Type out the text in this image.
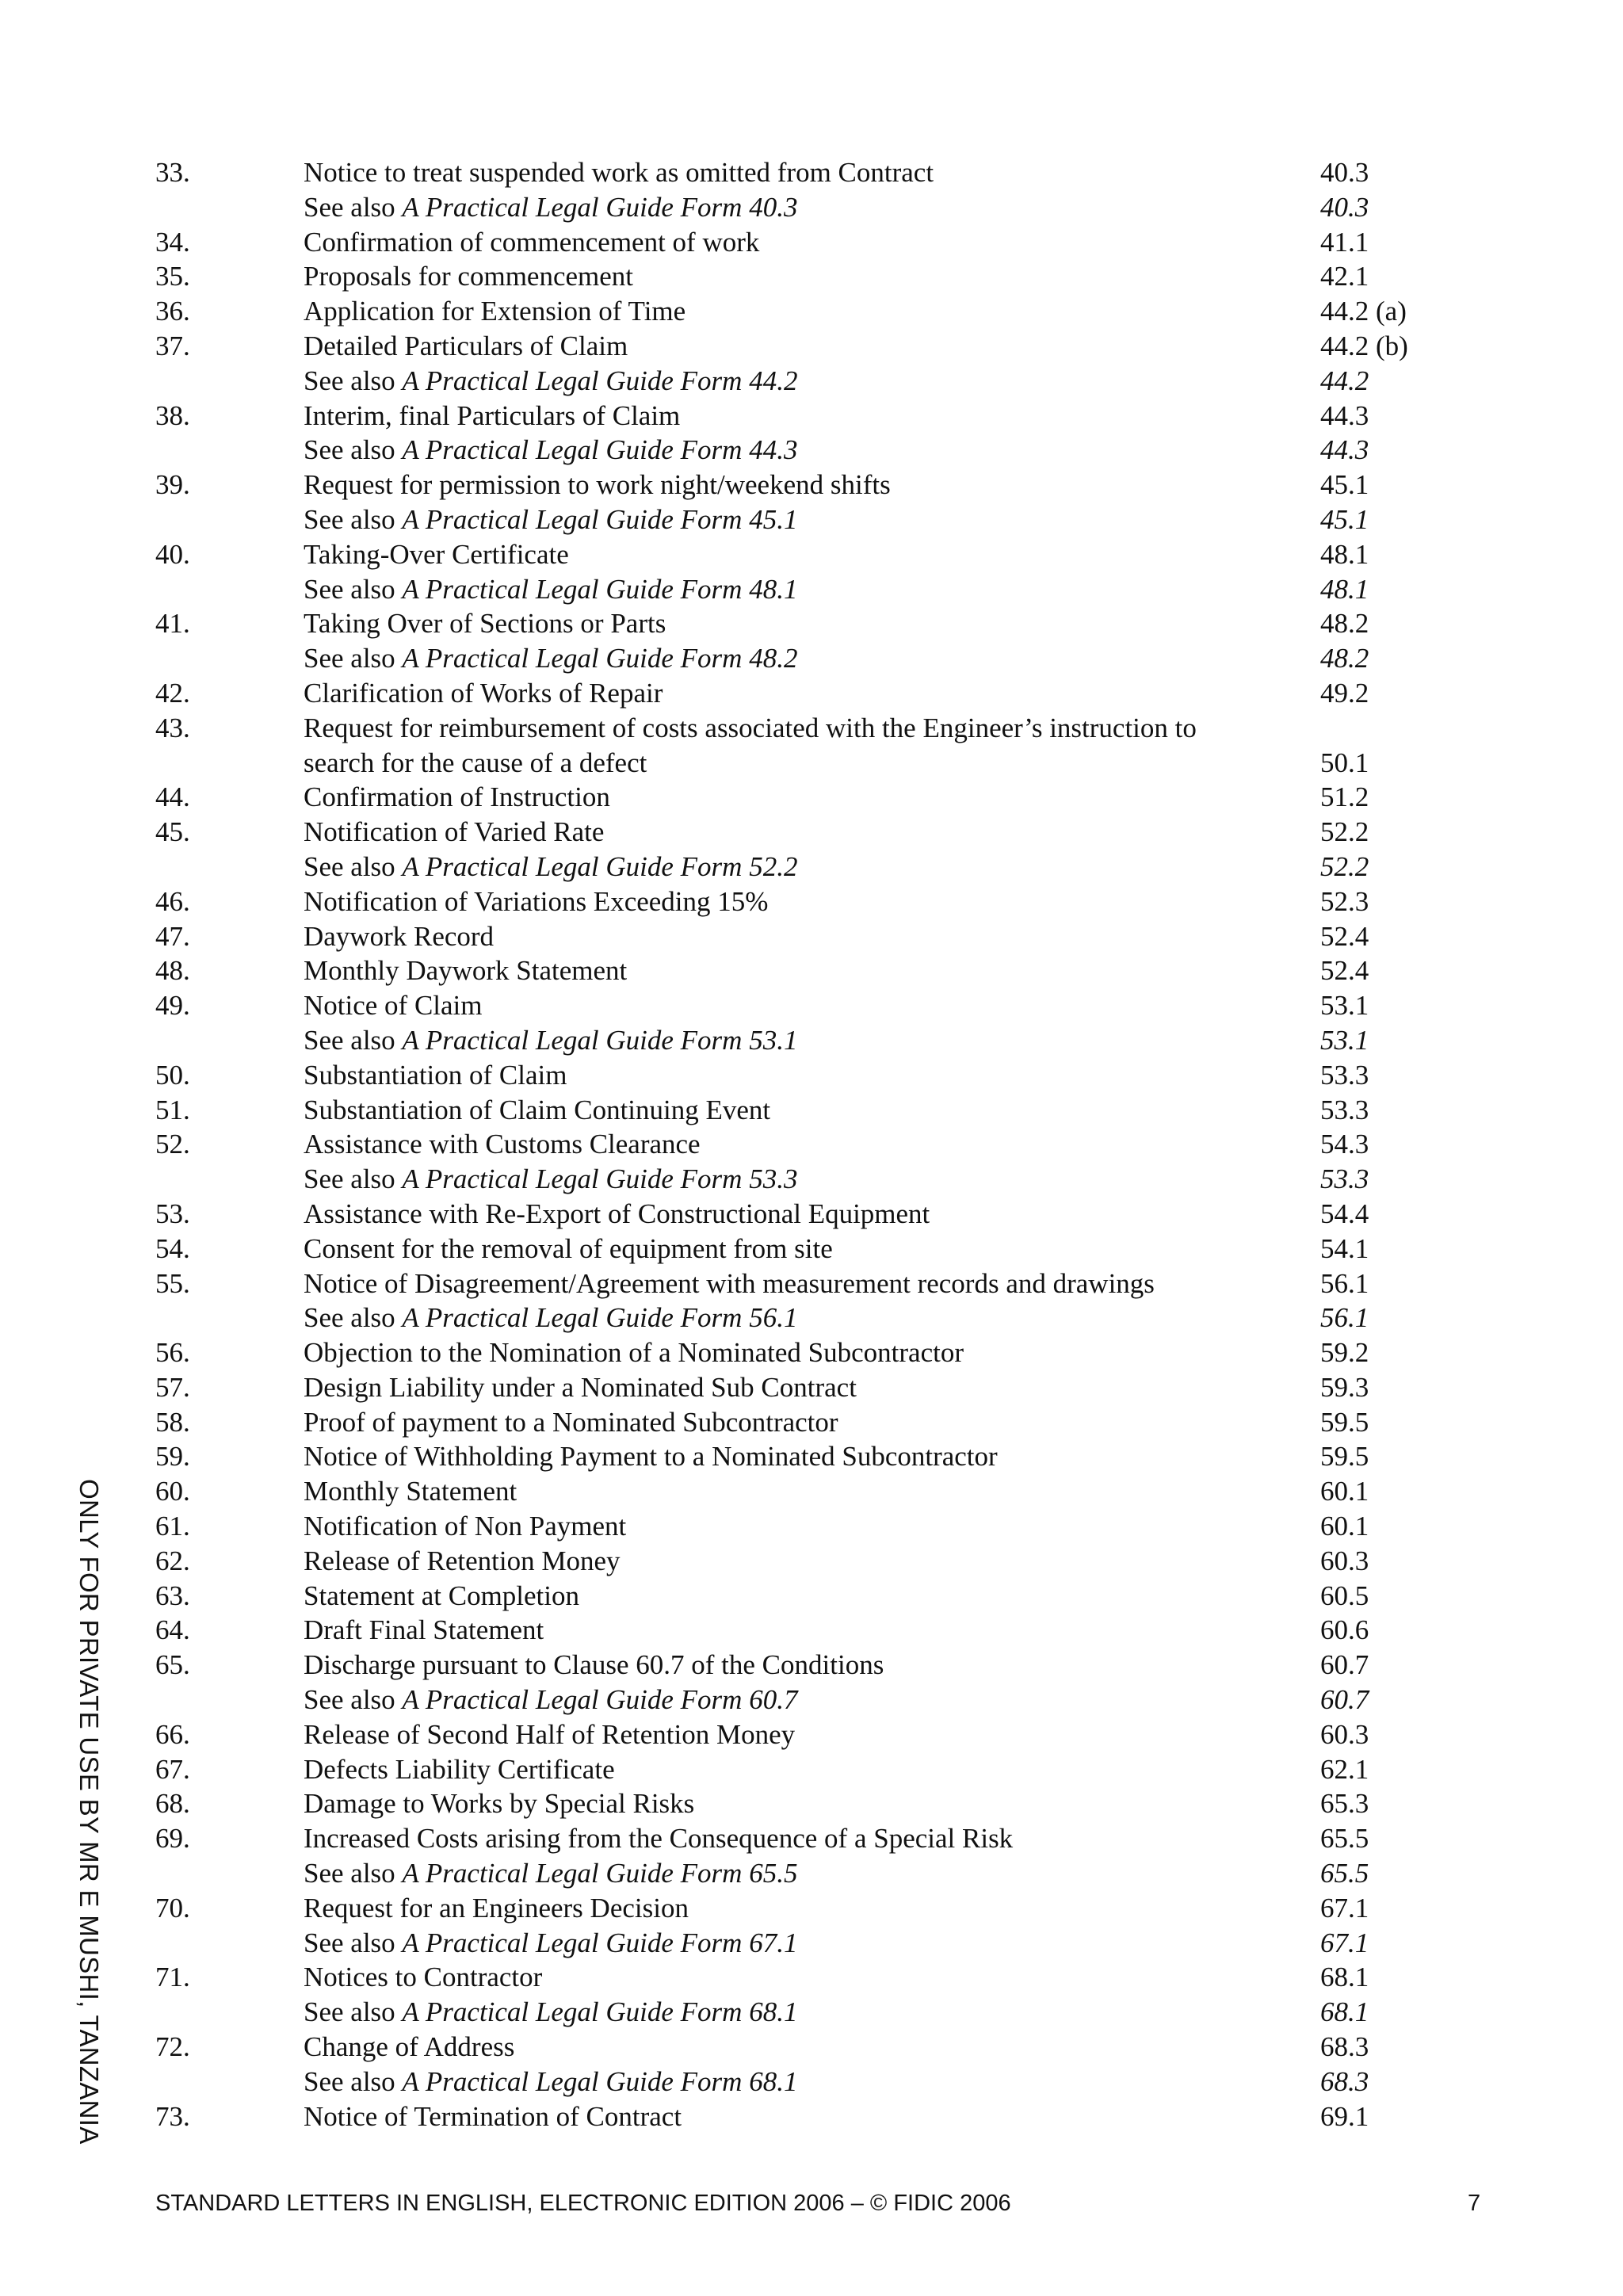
33.	Notice to treat suspended work as omitted from Contract	40.3
See also A Practical Legal Guide Form 40.3	40.3
34.	Confirmation of commencement of work	41.1
35.	Proposals for commencement	42.1
36.	Application for Extension of Time	44.2 (a)
37.	Detailed Particulars of Claim	44.2 (b)
See also A Practical Legal Guide Form 44.2	44.2
38.	Interim, final Particulars of Claim	44.3
See also A Practical Legal Guide Form 44.3	44.3
39.	Request for permission to work night/weekend shifts	45.1
See also A Practical Legal Guide Form 45.1	45.1
40.	Taking-Over Certificate	48.1
See also A Practical Legal Guide Form 48.1	48.1
41.	Taking Over of Sections or Parts	48.2
See also A Practical Legal Guide Form 48.2	48.2
42.	Clarification of Works of Repair	49.2
43.	Request for reimbursement of costs associated with the Engineer’s instruction to
search for the cause of a defect	50.1
44.	Confirmation of Instruction	51.2
45.	Notification of Varied Rate	52.2
See also A Practical Legal Guide Form 52.2	52.2
46.	Notification of Variations Exceeding 15%	52.3
47.	Daywork Record	52.4
48.	Monthly Daywork Statement	52.4
49.	Notice of Claim	53.1
See also A Practical Legal Guide Form 53.1	53.1
50.	Substantiation of Claim	53.3
51.	Substantiation of Claim Continuing Event	53.3
52.	Assistance with Customs Clearance	54.3
See also A Practical Legal Guide Form 53.3	53.3
53.	Assistance with Re-Export of Constructional Equipment	54.4
54.	Consent for the removal of equipment from site	54.1
55.	Notice of Disagreement/Agreement with measurement records and drawings	56.1
See also A Practical Legal Guide Form 56.1	56.1
56.	Objection to the Nomination of a Nominated Subcontractor	59.2
57.	Design Liability under a Nominated Sub Contract	59.3
58.	Proof of payment to a Nominated Subcontractor	59.5
59.	Notice of Withholding Payment to a Nominated Subcontractor	59.5
60.	Monthly Statement	60.1
61.	Notification of Non Payment	60.1
62.	Release of Retention Money	60.3
63.	Statement at Completion	60.5
64.	Draft Final Statement	60.6
65.	Discharge pursuant to Clause 60.7 of the Conditions	60.7
See also A Practical Legal Guide Form 60.7	60.7
66.	Release of Second Half of Retention Money	60.3
67.	Defects Liability Certificate	62.1
68.	Damage to Works by Special Risks	65.3
69.	Increased Costs arising from the Consequence of a Special Risk	65.5
See also A Practical Legal Guide Form 65.5	65.5
70.	Request for an Engineers Decision	67.1
See also A Practical Legal Guide Form 67.1	67.1
71.	Notices to Contractor	68.1
See also A Practical Legal Guide Form 68.1	68.1
72.	Change of Address	68.3
See also A Practical Legal Guide Form 68.1	68.3
73.	Notice of Termination of Contract	69.1
ONLY FOR PRIVATE USE BY MR E MUSHI, TANZANIA
STANDARD LETTERS IN ENGLISH, ELECTRONIC EDITION 2006 – © FIDIC 2006	7
